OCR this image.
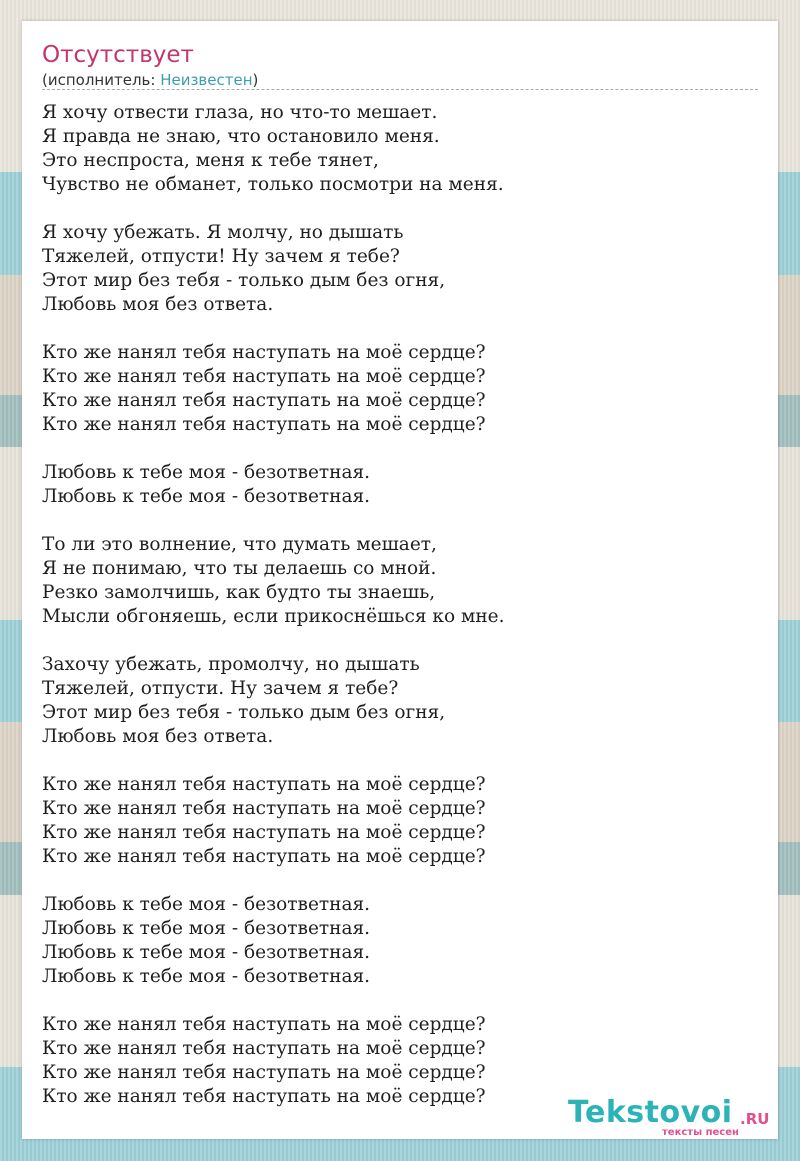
Отсутствует
(исполнитель: Неизвестен)
Я хочу отвести глаза, но что-то мешает.
Я правда не знаю, что остановило меня.
Это неспроста, меня к тебе тянет,
Чувство не обманет, только посмотри на меня.
Я хочу убежать. Я молчу, но дышать
Тяжелей, отпусти! Ну зачем я тебе?
Этот мир без тебя - только дым без огня,
Любовь моя без ответа.
Кто же нанял тебя наступать на моё сердце?
Кто же нанял тебя наступать на моё сердце?
Кто же нанял тебя наступать на моё сердце?
Кто же нанял тебя наступать на моё сердце?
Любовь к тебе моя - безответная.
Любовь к тебе моя - безответная.
То ли это волнение, что думать мешает,
Я не понимаю, что ты делаешь со мной.
Резко замолчишь, как будто ты знаешь,
Мысли обгоняешь, если прикоснёшься ко мне.
Захочу убежать, промолчу, но дышать
Тяжелей, отпусти. Ну зачем я тебе?
Этот мир без тебя - только дым без огня,
Любовь моя без ответа.
Кто же нанял тебя наступать на моё сердце?
Кто же нанял тебя наступать на моё сердце?
Кто же нанял тебя наступать на моё сердце?
Кто же нанял тебя наступать на моё сердце?
Любовь к тебе моя - безответная.
Любовь к тебе моя - безответная.
Любовь к тебе моя - безответная.
Любовь к тебе моя - безответная.
Кто же нанял тебя наступать на моё сердце?
Кто же нанял тебя наступать на моё сердце?
Кто же нанял тебя наступать на моё сердце?
Кто же нанял тебя наступать на моё сердце?	Tekstovoi .RU
тексты песен
